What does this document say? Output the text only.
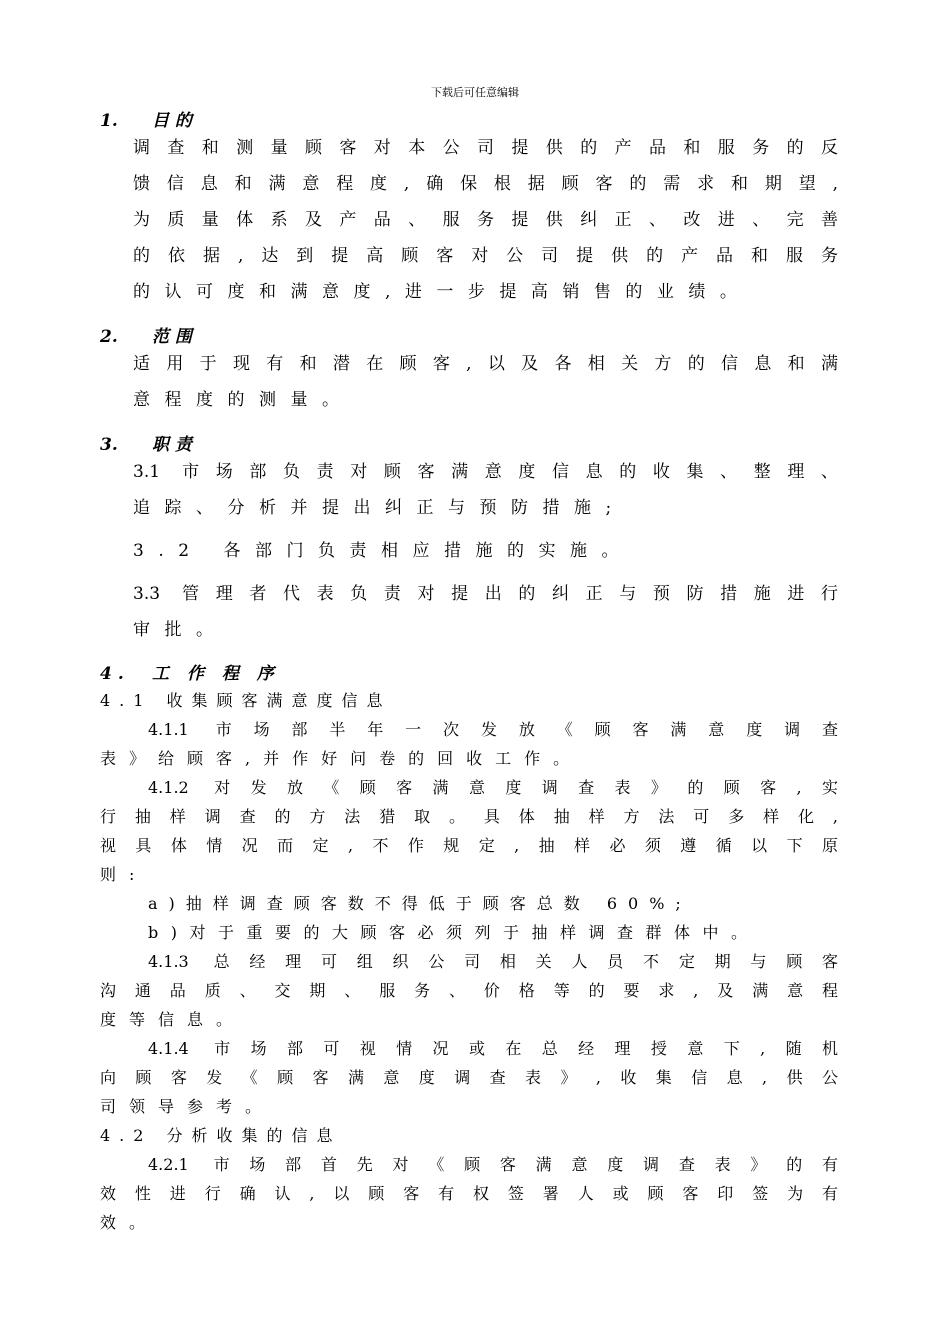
下载后可任意编辑
1. 目 的
调查和测量顾客对本公司提供的产品和服务的反
馈信息和满意程度,确保根据顾客的需求和期望,
为质量体系及产品、服务提供纠正、改进、完善
的依据,达到提高顾客对公司提供的产品和服务
的认可度和满意度,进一步提高销售的业绩。
2. 范 围
适用于现有和潜在顾客,以及各相关方的信息和满
意程度的测量。
3. 职 责
3.1 市场部负责对顾客满意度信息的收集、整理、
追踪、分析并提出纠正与预防措施;
3.2 各部门负责相应措施的实施。
3.3 管理者代表负责对提出的纠正与预防措施进行
审批。
4. 工 作 程 序
4.1 收集顾客满意度信息
4.1.1 市场部半年一次发放《顾客满意度调查
表》给顾客,并作好问卷的回收工作。
4.1.2 对发放《顾客满意度调查表》的顾客,实
行抽样调查的方法猎取。具体抽样方法可多样化,
视具体情况而定,不作规定,抽样必须遵循以下原
则:
a)抽样调查顾客数不得低于顾客总数 60%;
b)对于重要的大顾客必须列于抽样调查群体中。
4.1.3 总经理可组织公司相关人员不定期与顾客
沟通品质、交期、服务、价格等的要求,及满意程
度等信息。
4.1.4 市场部可视情况或在总经理授意下,随机
向顾客发《顾客满意度调查表》,收集信息,供公
司领导参考。
4.2 分析收集的信息
4.2.1 市场部首先对《顾客满意度调查表》的有
效性进行确认,以顾客有权签署人或顾客印签为有
效。
